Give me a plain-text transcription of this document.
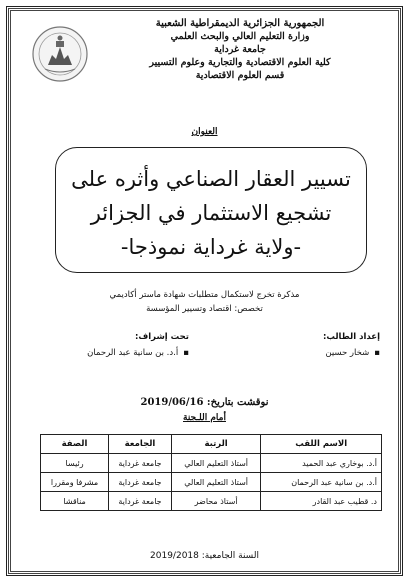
الجمهورية الجزائرية الديمقراطية الشعبية
وزارة التعليم العالي والبحث العلمي
جامعة غرداية
كلية العلوم الاقتصادية والتجارية وعلوم التسيير
قسم العلوم الاقتصادية
العنوان
تسيير العقار الصناعي وأثره على
تشجيع الاستثمار في الجزائر
-ولاية غرداية نموذجا-
مذكرة تخرج لاستكمال متطلبات شهادة ماستر أكاديمي
تخصص: اقتصاد وتسيير المؤسسة
إعداد الطالب:
▪ شخار حسين
تحت إشراف:
▪ أ.د. بن سانية عبد الرحمان
نوقشت بتاريخ: 2019/06/16
أمام اللـجنة
الاسم اللقب	الرتبة	الجامعة	الصفة
أ.د. بوخاري عبد الحميد	أستاذ التعليم العالي	جامعة غرداية	رئيسا
أ.د. بن سانية عبد الرحمان	أستاذ التعليم العالي	جامعة غرداية	مشرفا ومقررا
د. قطيب عبد القادر	أستاذ محاضر	جامعة غرداية	مناقشا
السنة الجامعية: 2019/2018
